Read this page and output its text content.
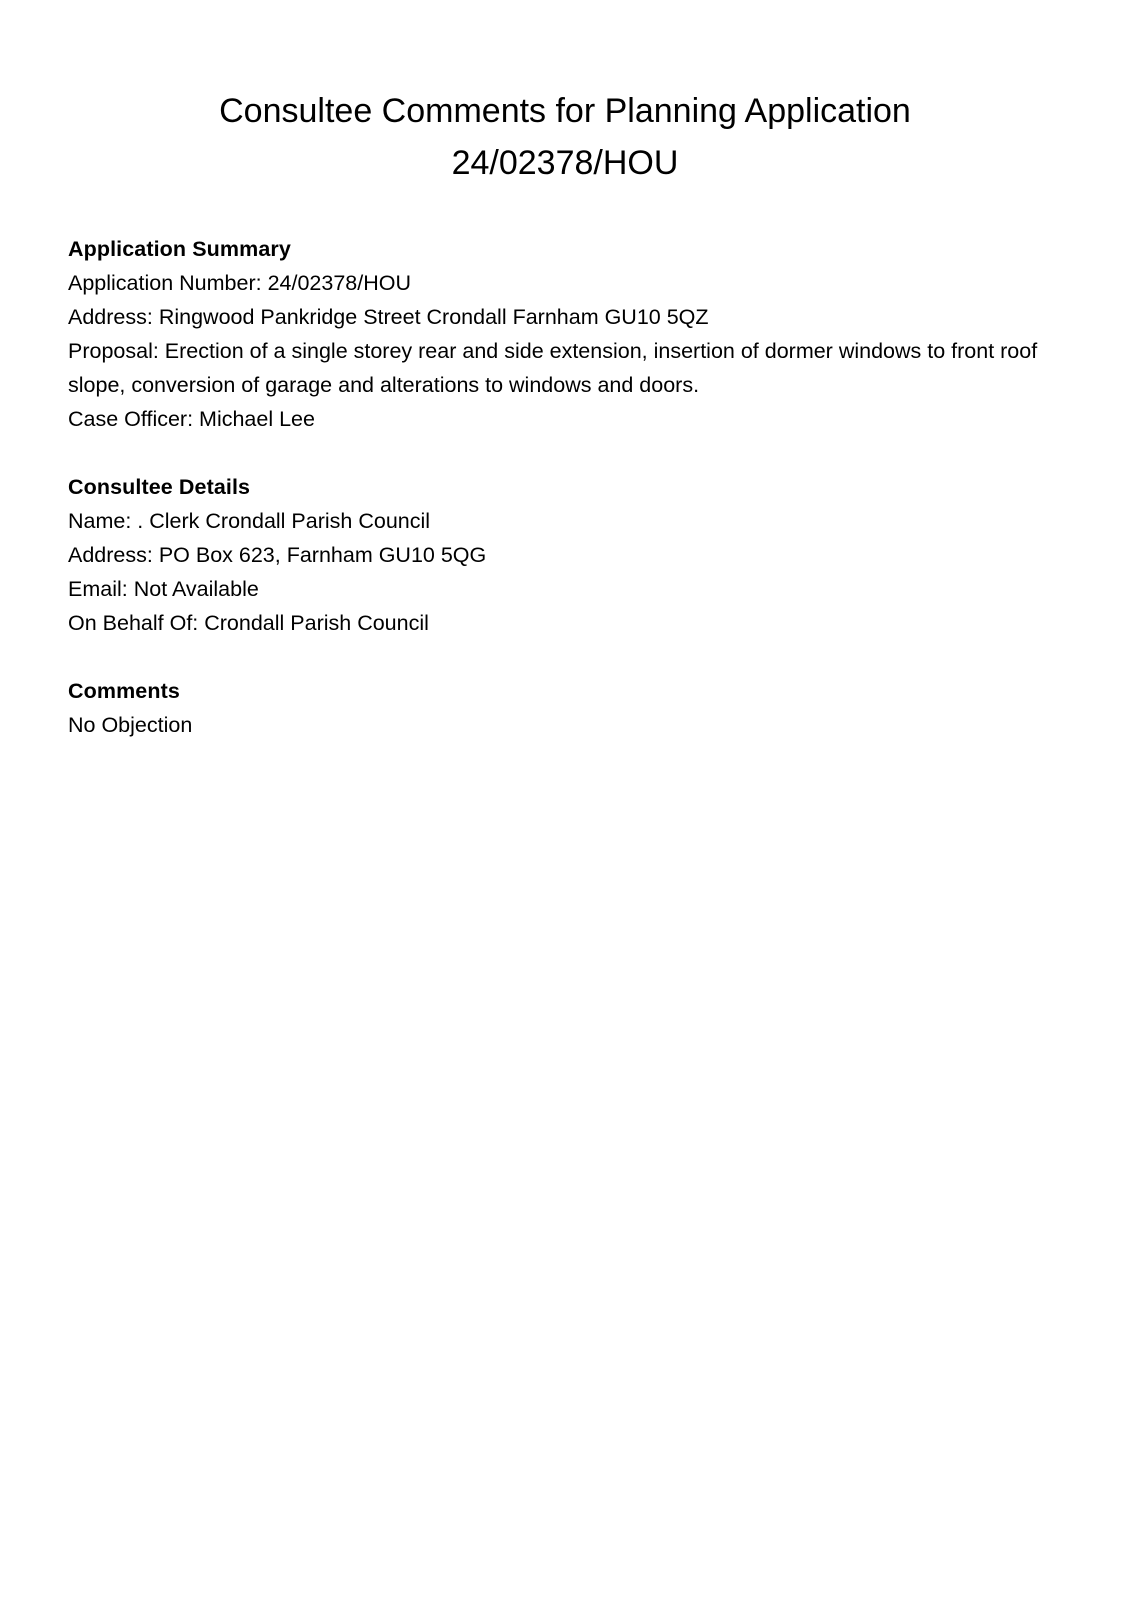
Consultee Comments for Planning Application
24/02378/HOU
Application Summary

Application Number: 24/02378/HOU

Address: Ringwood Pankridge Street Crondall Farnham GU10 5QZ

Proposal: Erection of a single storey rear and side extension, insertion of dormer windows to front roof slope, conversion of garage and alterations to windows and doors.

Case Officer: Michael Lee

Consultee Details

Name: . Clerk Crondall Parish Council

Address: PO Box 623, Farnham GU10 5QG

Email: Not Available

On Behalf Of: Crondall Parish Council

Comments

No Objection
